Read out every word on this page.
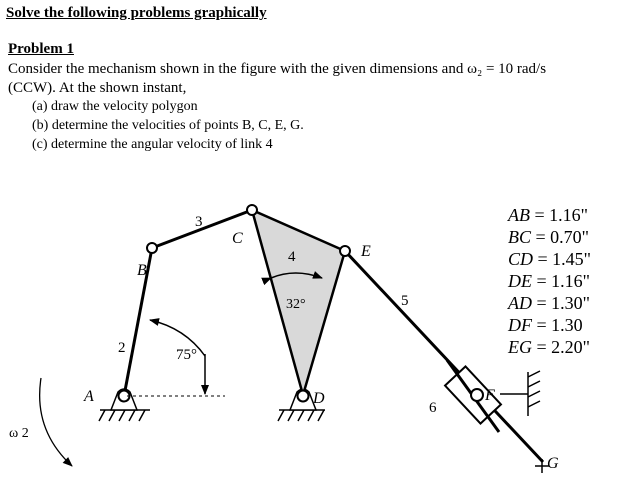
Solve the following problems graphically
Problem 1
Consider the mechanism shown in the figure with the given dimensions and ω₂ = 10 rad/s
(CCW). At the shown instant,
(a) draw the velocity polygon
(b) determine the velocities of points B, C, E, G.
(c) determine the angular velocity of link 4
A
B
C
D
E
F
G
2
3
4
5
6
75°
32°
ω 2
AB = 1.16"
BC = 0.70"
CD = 1.45"
DE = 1.16"
AD = 1.30"
DF = 1.30
EG = 2.20"
